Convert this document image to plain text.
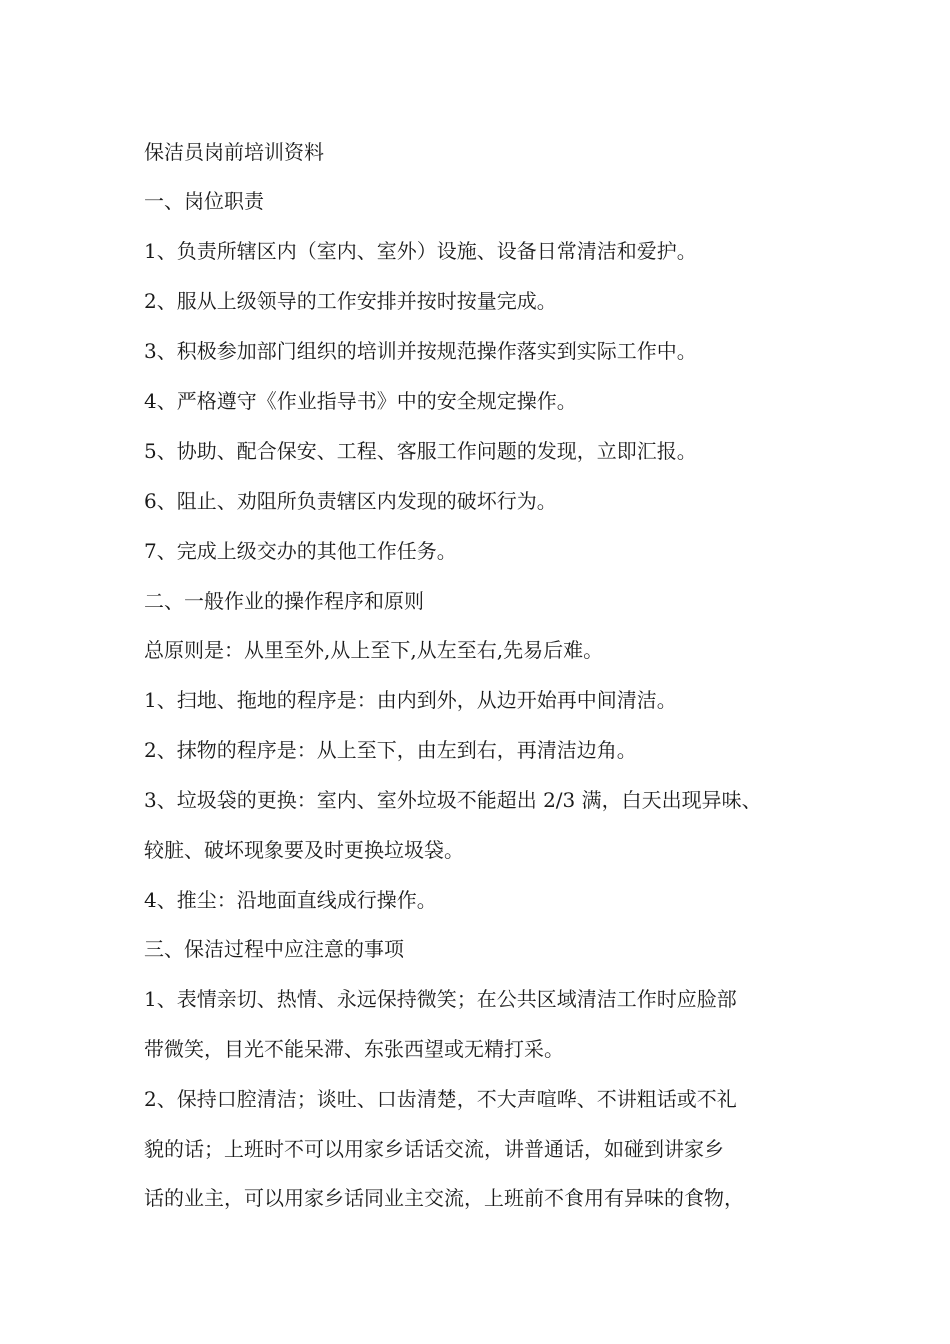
保洁员岗前培训资料
一、岗位职责
1、负责所辖区内（室内、室外）设施、设备日常清洁和爱护。
2、服从上级领导的工作安排并按时按量完成。
3、积极参加部门组织的培训并按规范操作落实到实际工作中。
4、严格遵守《作业指导书》中的安全规定操作。
5、协助、配合保安、工程、客服工作问题的发现，立即汇报。
6、阻止、劝阻所负责辖区内发现的破坏行为。
7、完成上级交办的其他工作任务。
二、一般作业的操作程序和原则
总原则是：从里至外,从上至下,从左至右,先易后难。
1、扫地、拖地的程序是：由内到外，从边开始再中间清洁。
2、抹物的程序是：从上至下，由左到右，再清洁边角。
3、垃圾袋的更换：室内、室外垃圾不能超出 2/3 满，白天出现异味、
较脏、破坏现象要及时更换垃圾袋。
4、推尘：沿地面直线成行操作。
三、保洁过程中应注意的事项
1、表情亲切、热情、永远保持微笑；在公共区域清洁工作时应脸部
带微笑，目光不能呆滞、东张西望或无精打采。
2、保持口腔清洁；谈吐、口齿清楚，不大声喧哗、不讲粗话或不礼
貌的话；上班时不可以用家乡话话交流，讲普通话，如碰到讲家乡
话的业主，可以用家乡话同业主交流，上班前不食用有异味的食物，
